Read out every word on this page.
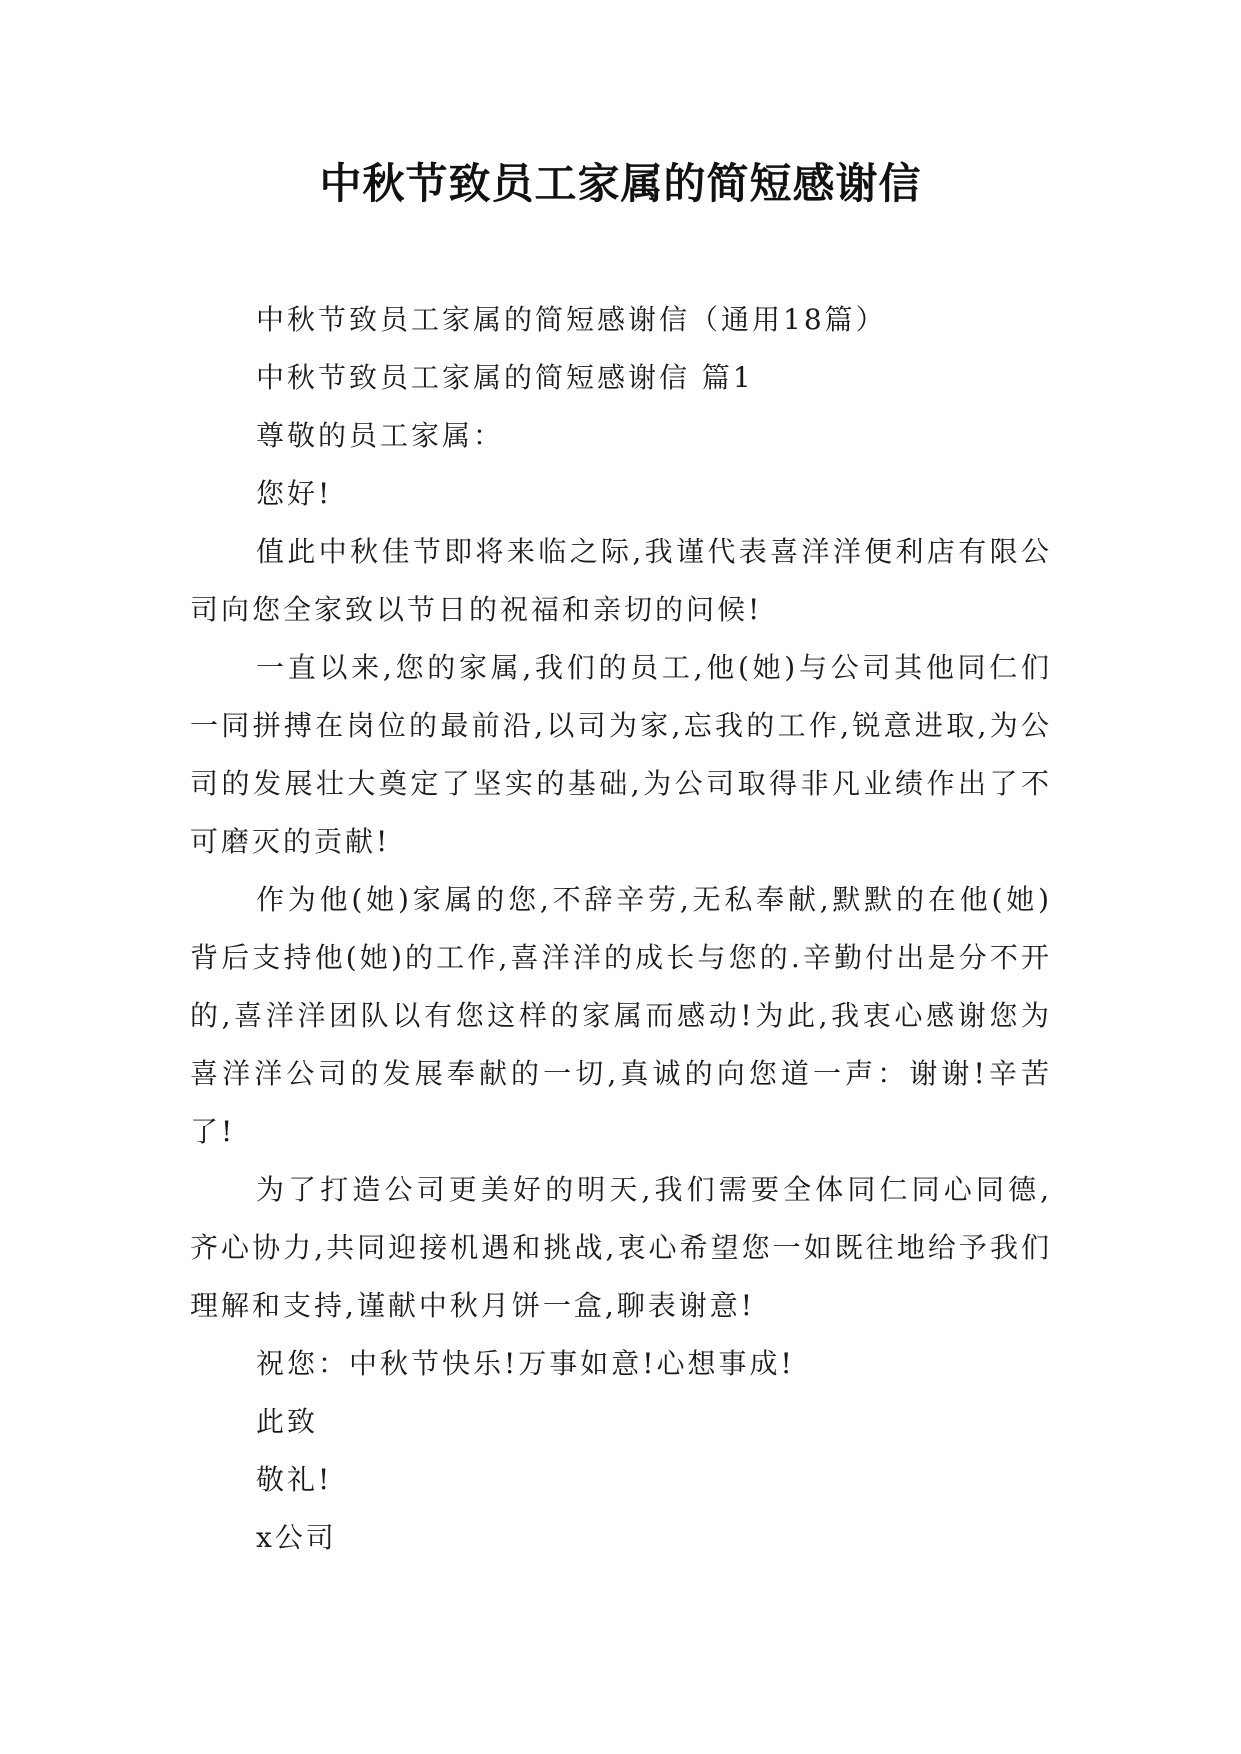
中秋节致员工家属的简短感谢信

中秋节致员工家属的简短感谢信（通用18篇）

中秋节致员工家属的简短感谢信 篇1

尊敬的员工家属：

您好!

值此中秋佳节即将来临之际,我谨代表喜洋洋便利店有限公司向您全家致以节日的祝福和亲切的问候!

一直以来,您的家属,我们的员工,他(她)与公司其他同仁们一同拼搏在岗位的最前沿,以司为家,忘我的工作,锐意进取,为公司的发展壮大奠定了坚实的基础,为公司取得非凡业绩作出了不可磨灭的贡献!

作为他(她)家属的您,不辞辛劳,无私奉献,默默的在他(她)背后支持他(她)的工作,喜洋洋的成长与您的.辛勤付出是分不开的,喜洋洋团队以有您这样的家属而感动!为此,我衷心感谢您为喜洋洋公司的发展奉献的一切,真诚的向您道一声：谢谢!辛苦了!

为了打造公司更美好的明天,我们需要全体同仁同心同德,齐心协力,共同迎接机遇和挑战,衷心希望您一如既往地给予我们理解和支持,谨献中秋月饼一盒,聊表谢意!

祝您：中秋节快乐!万事如意!心想事成!

此致

敬礼!

x公司
